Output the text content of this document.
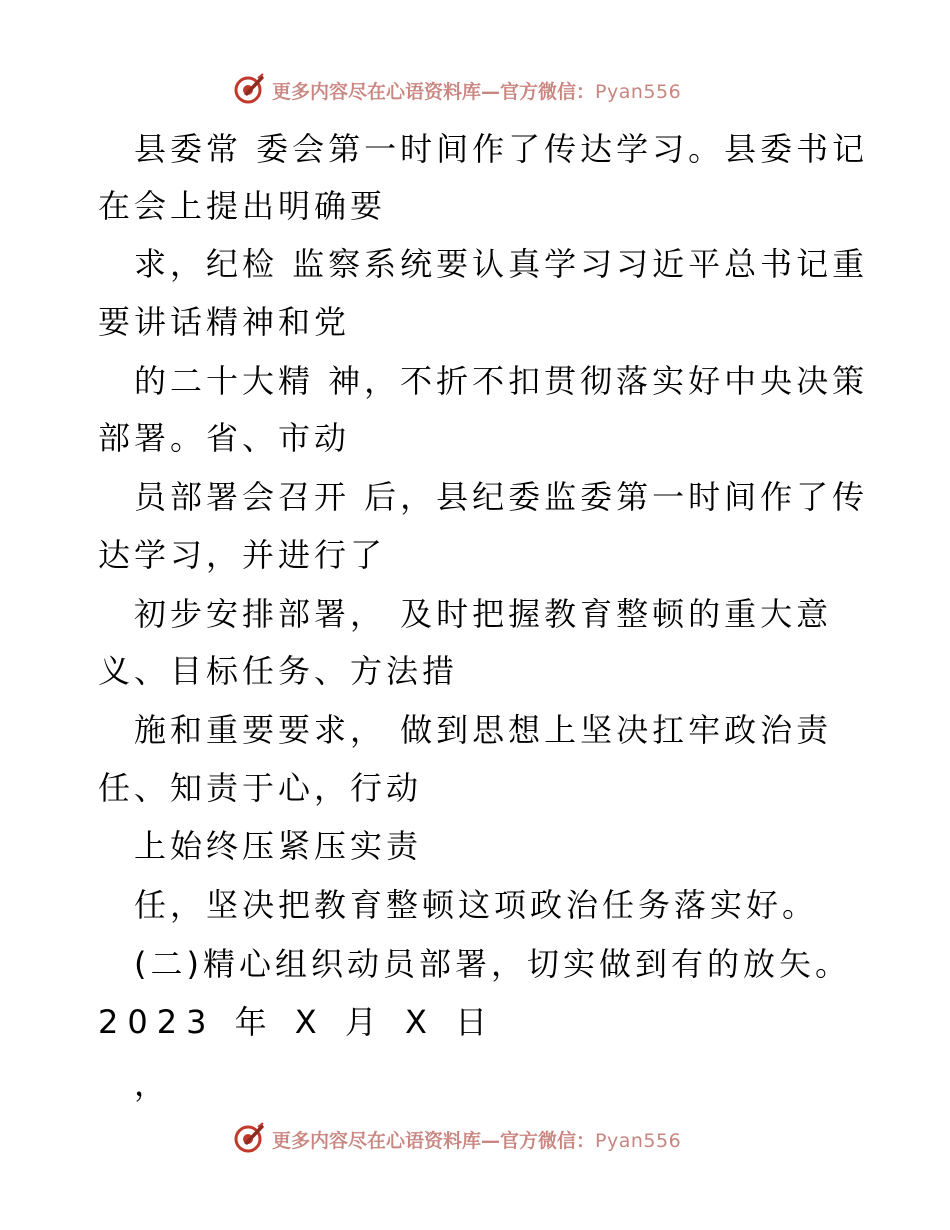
更多内容尽在心语资料库—官方微信：Pyan556
县委常 委会第一时间作了传达学习。县委书记
在会上提出明确要
求，纪检 监察系统要认真学习习近平总书记重
要讲话精神和党
的二十大精 神，不折不扣贯彻落实好中央决策
部署。省、市动
员部署会召开 后，县纪委监委第一时间作了传
达学习，并进行了
初步安排部署， 及时把握教育整顿的重大意
义、目标任务、方法措
施和重要要求， 做到思想上坚决扛牢政治责
任、知责于心，行动
上始终压紧压实责
任，坚决把教育整顿这项政治任务落实好。
(二)精心组织动员部署，切实做到有的放矢。
2023 年 X 月 X 日
，
更多内容尽在心语资料库—官方微信：Pyan556
